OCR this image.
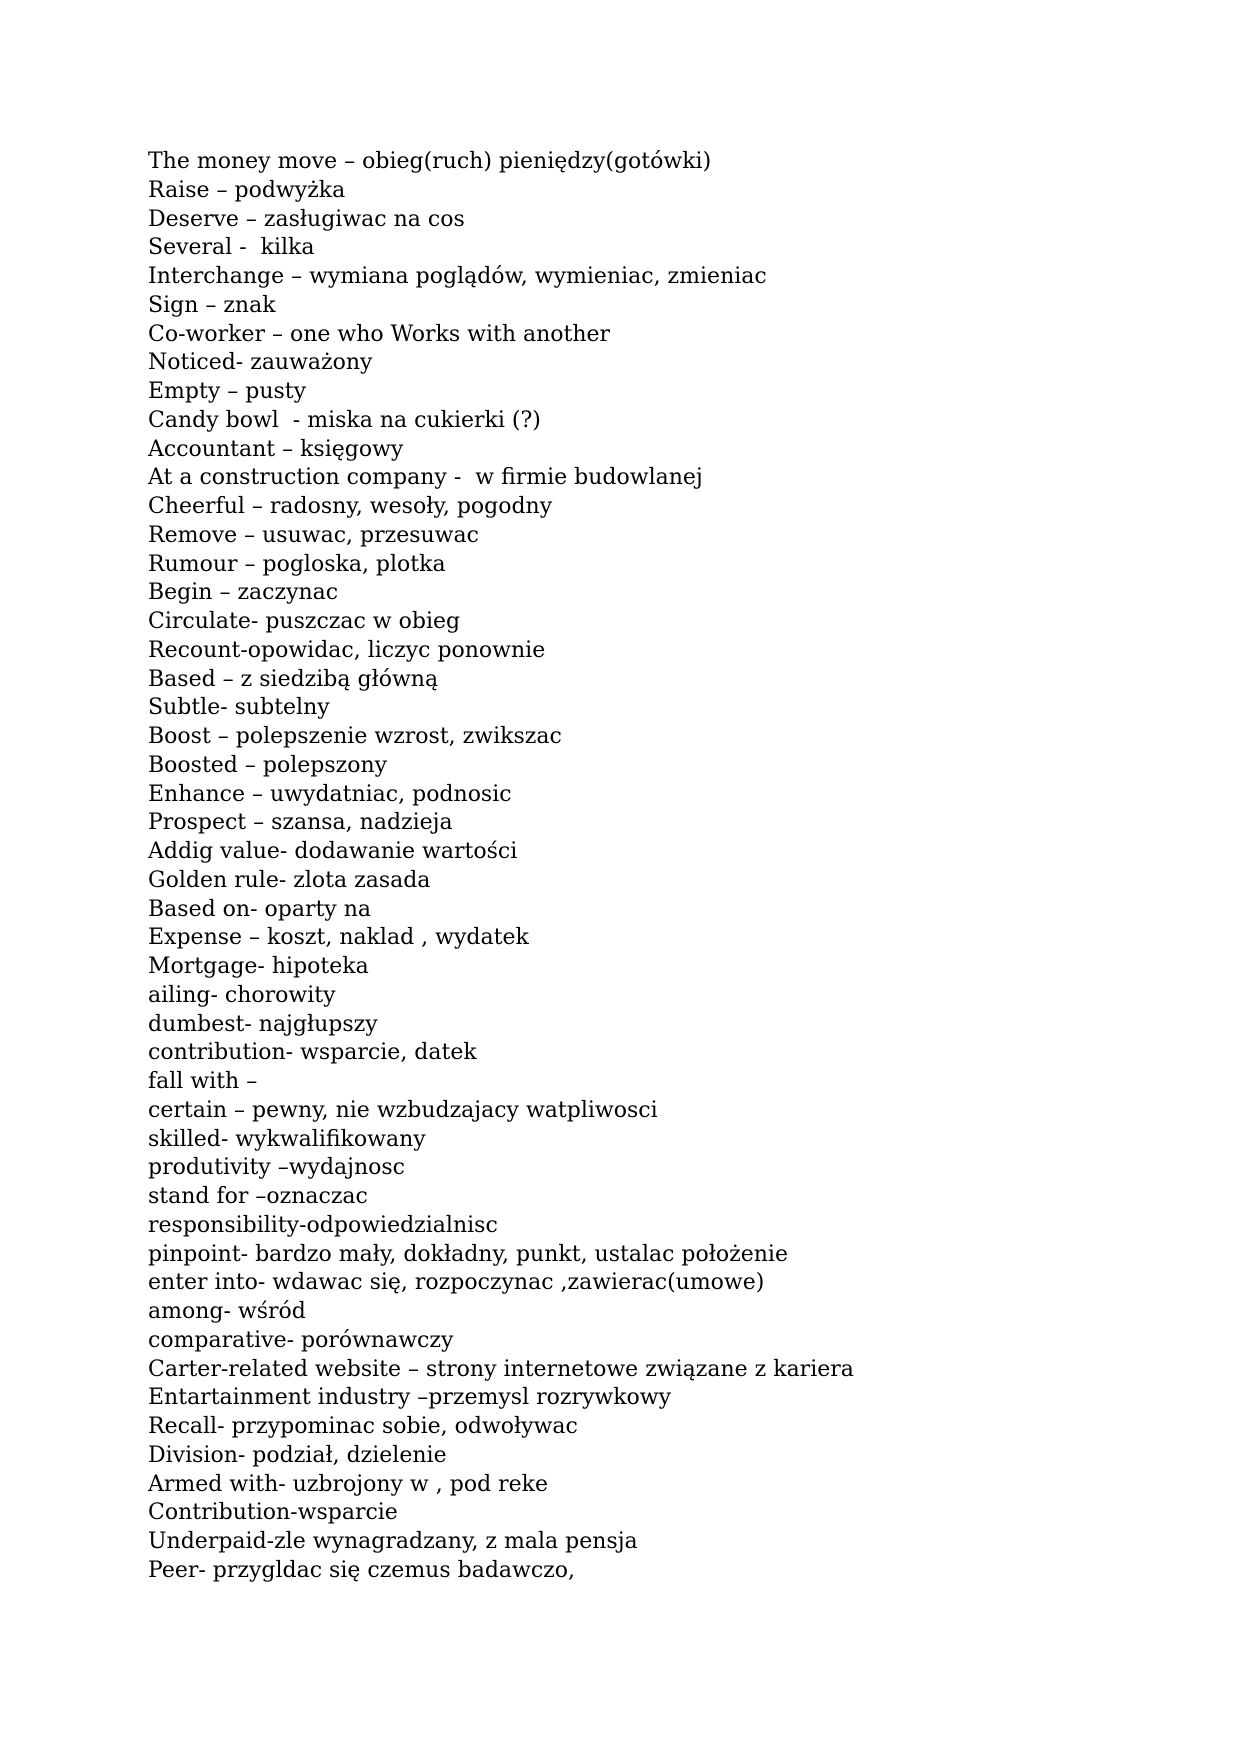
The money move – obieg(ruch) pieniędzy(gotówki)
Raise – podwyżka
Deserve – zasługiwac na cos
Several -  kilka
Interchange – wymiana poglądów, wymieniac, zmieniac
Sign – znak
Co-worker – one who Works with another
Noticed- zauważony
Empty – pusty
Candy bowl  - miska na cukierki (?)
Accountant – księgowy
At a construction company -  w firmie budowlanej
Cheerful – radosny, wesoły, pogodny
Remove – usuwac, przesuwac
Rumour – pogloska, plotka
Begin – zaczynac
Circulate- puszczac w obieg
Recount-opowidac, liczyc ponownie
Based – z siedzibą główną
Subtle- subtelny
Boost – polepszenie wzrost, zwikszac
Boosted – polepszony
Enhance – uwydatniac, podnosic
Prospect – szansa, nadzieja
Addig value- dodawanie wartości
Golden rule- zlota zasada
Based on- oparty na
Expense – koszt, naklad , wydatek
Mortgage- hipoteka
ailing- chorowity
dumbest- najgłupszy
contribution- wsparcie, datek
fall with –
certain – pewny, nie wzbudzajacy watpliwosci
skilled- wykwalifikowany
produtivity –wydajnosc
stand for –oznaczac
responsibility-odpowiedzialnisc
pinpoint- bardzo mały, dokładny, punkt, ustalac położenie
enter into- wdawac się, rozpoczynac ,zawierac(umowe)
among- wśród
comparative- porównawczy
Carter-related website – strony internetowe związane z kariera
Entartainment industry –przemysl rozrywkowy
Recall- przypominac sobie, odwoływac
Division- podział, dzielenie
Armed with- uzbrojony w , pod reke
Contribution-wsparcie
Underpaid-zle wynagradzany, z mala pensja
Peer- przygldac się czemus badawczo,
